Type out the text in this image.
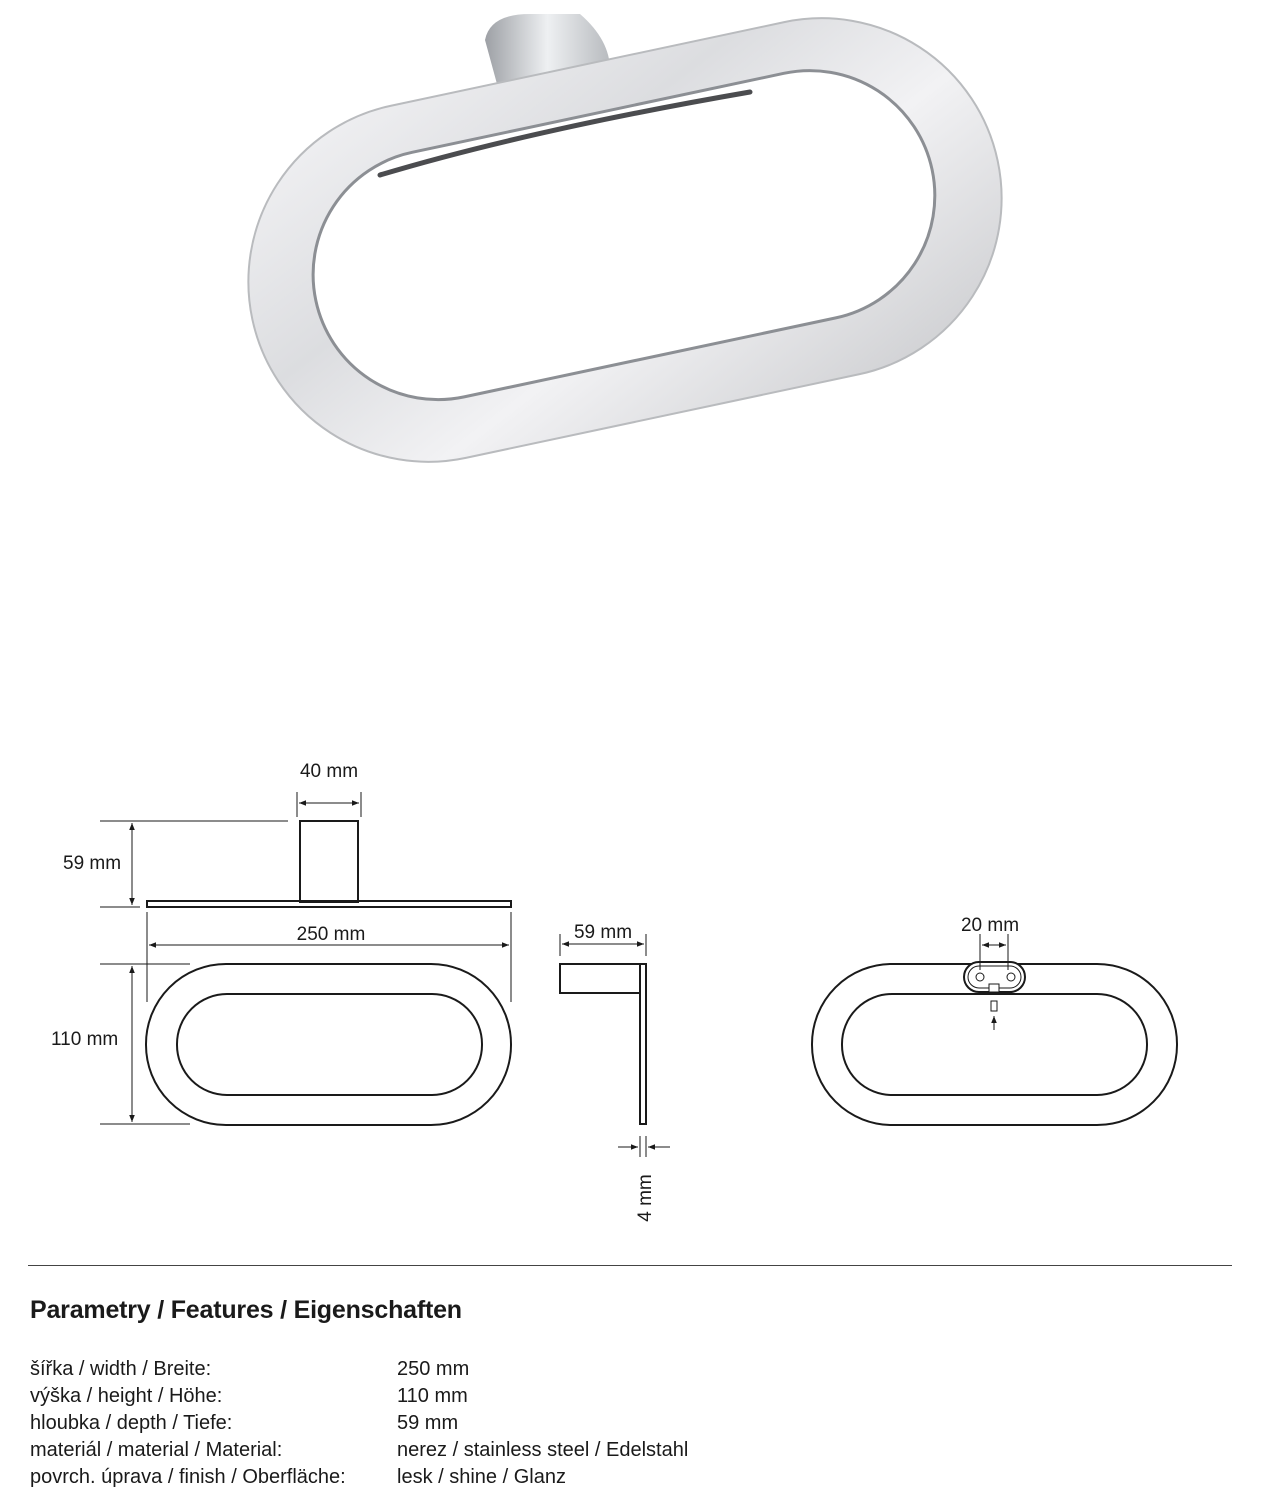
40 mm
59 mm
250 mm
110 mm
59 mm
4 mm
20 mm
Parametry / Features / Eigenschaften
šířka / width / Breite:	250 mm
výška / height / Höhe:	110 mm
hloubka / depth / Tiefe:	59 mm
materiál / material / Material:	nerez / stainless steel / Edelstahl
povrch. úprava / finish / Oberfläche:	lesk / shine / Glanz
